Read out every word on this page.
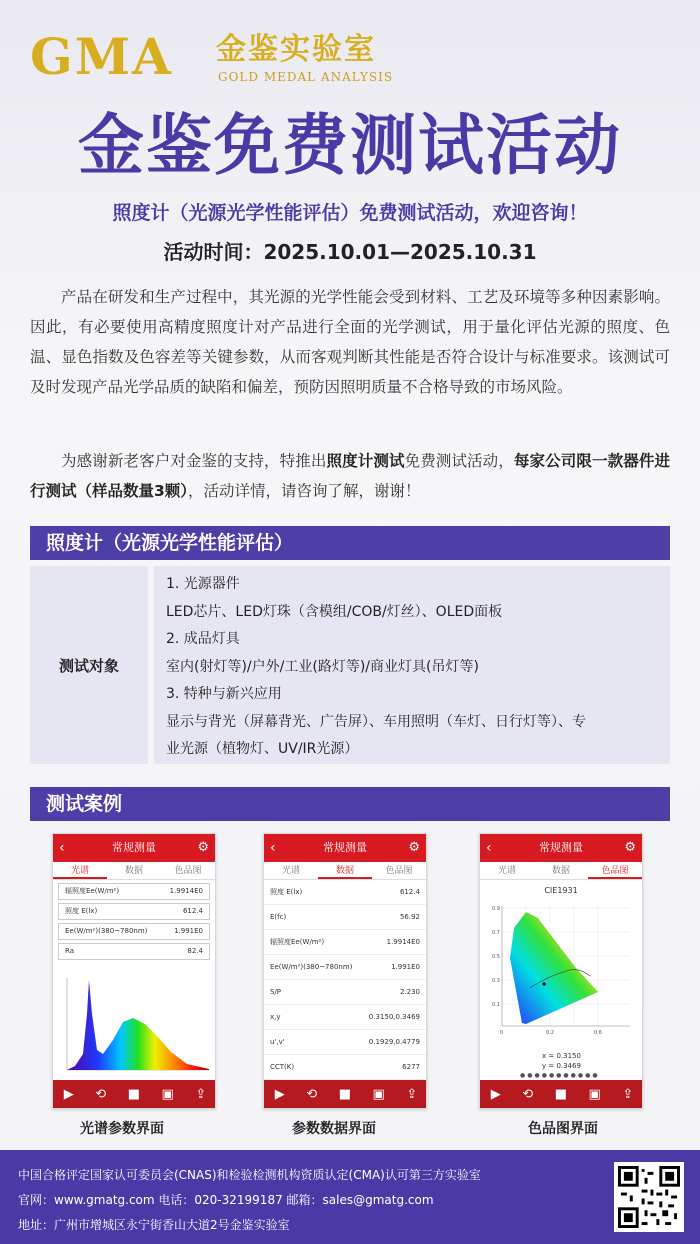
GMA 金鉴实验室
GOLD MEDAL ANALYSIS
金鉴免费测试活动
照度计（光源光学性能评估）免费测试活动，欢迎咨询！
活动时间：2025.10.01—2025.10.31

产品在研发和生产过程中，其光源的光学性能会受到材料、工艺及环境等多种因素影响。因此，有必要使用高精度照度计对产品进行全面的光学测试，用于量化评估光源的照度、色温、显色指数及色容差等关键参数，从而客观判断其性能是否符合设计与标准要求。该测试可及时发现产品光学品质的缺陷和偏差，预防因照明质量不合格导致的市场风险。

为感谢新老客户对金鉴的支持，特推出照度计测试免费测试活动，每家公司限一款器件进行测试（样品数量3颗），活动详情，请咨询了解，谢谢！

照度计（光源光学性能评估）
测试对象
1. 光源器件
LED芯片、LED灯珠（含模组/COB/灯丝）、OLED面板
2. 成品灯具
室内(射灯等)/户外/工业(路灯等)/商业灯具(吊灯等)
3. 特种与新兴应用
显示与背光（屏幕背光、广告屏）、车用照明（车灯、日行灯等）、专
业光源（植物灯、UV/IR光源）
测试案例
‹	常规测量	⚙
光谱	数据	色品图
辐照度Ee(W/m²)	1.9914E0
照度 E(lx)	612.4
Ee(W/m²)(380~780nm)	1.991E0
Ra	82.4
▶ ⟲ ■ ▣ ⇪
‹	常规测量	⚙
光谱	数据	色品图
照度 E(lx)	612.4
E(fc)	56.92
辐照度Ee(W/m²)	1.9914E0
Ee(W/m²)(380~780nm)	1.991E0
S/P	2.230
x,y	0.3150,0.3469
u',v'	0.1929,0.4779
CCT(K)	6277
▶ ⟲ ■ ▣ ⇪
‹	常规测量	⚙
光谱	数据	色品图
CIE1931
0.9
0.7
0.5
0.3
0.1
0	0.2	0.6
x = 0.3150
y = 0.3469
●●●●●●●●●●●
▶ ⟲ ■ ▣ ⇪
光谱参数界面	参数数据界面	色品图界面
中国合格评定国家认可委员会(CNAS)和检验检测机构资质认定(CMA)认可第三方实验室
官网：www.gmatg.com 电话：020-32199187 邮箱：sales@gmatg.com
地址：广州市增城区永宁街香山大道2号金鉴实验室
